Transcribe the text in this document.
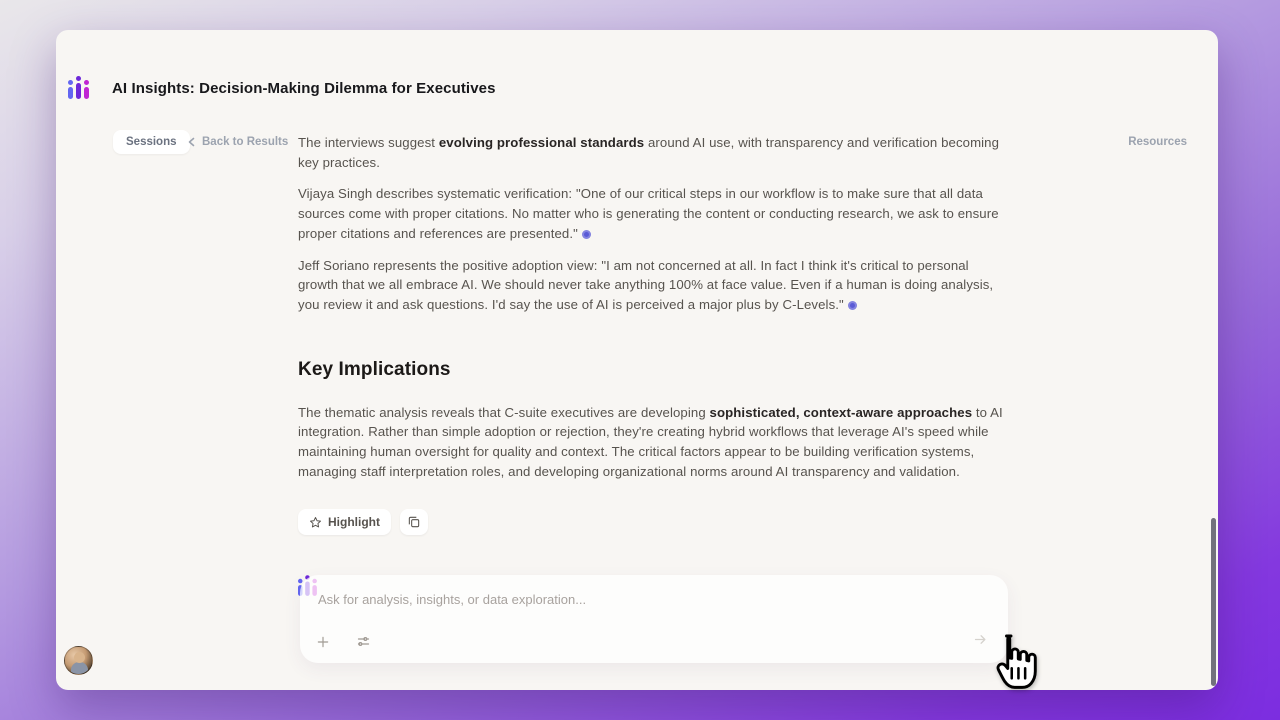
AI Insights: Decision-Making Dilemma for Executives
Sessions	Back to Results	Resources

The interviews suggest evolving professional standards around AI use, with transparency and verification becoming key practices.

Vijaya Singh describes systematic verification: "One of our critical steps in our workflow is to make sure that all data sources come with proper citations. No matter who is generating the content or conducting research, we ask to ensure proper citations and references are presented."

Jeff Soriano represents the positive adoption view: "I am not concerned at all. In fact I think it's critical to personal growth that we all embrace AI. We should never take anything 100% at face value. Even if a human is doing analysis, you review it and ask questions. I'd say the use of AI is perceived a major plus by C-Levels."

Key Implications

The thematic analysis reveals that C-suite executives are developing sophisticated, context-aware approaches to AI integration. Rather than simple adoption or rejection, they're creating hybrid workflows that leverage AI's speed while maintaining human oversight for quality and context. The critical factors appear to be building verification systems, managing staff interpretation roles, and developing organizational norms around AI transparency and validation.

Highlight
Ask for analysis, insights, or data exploration...
